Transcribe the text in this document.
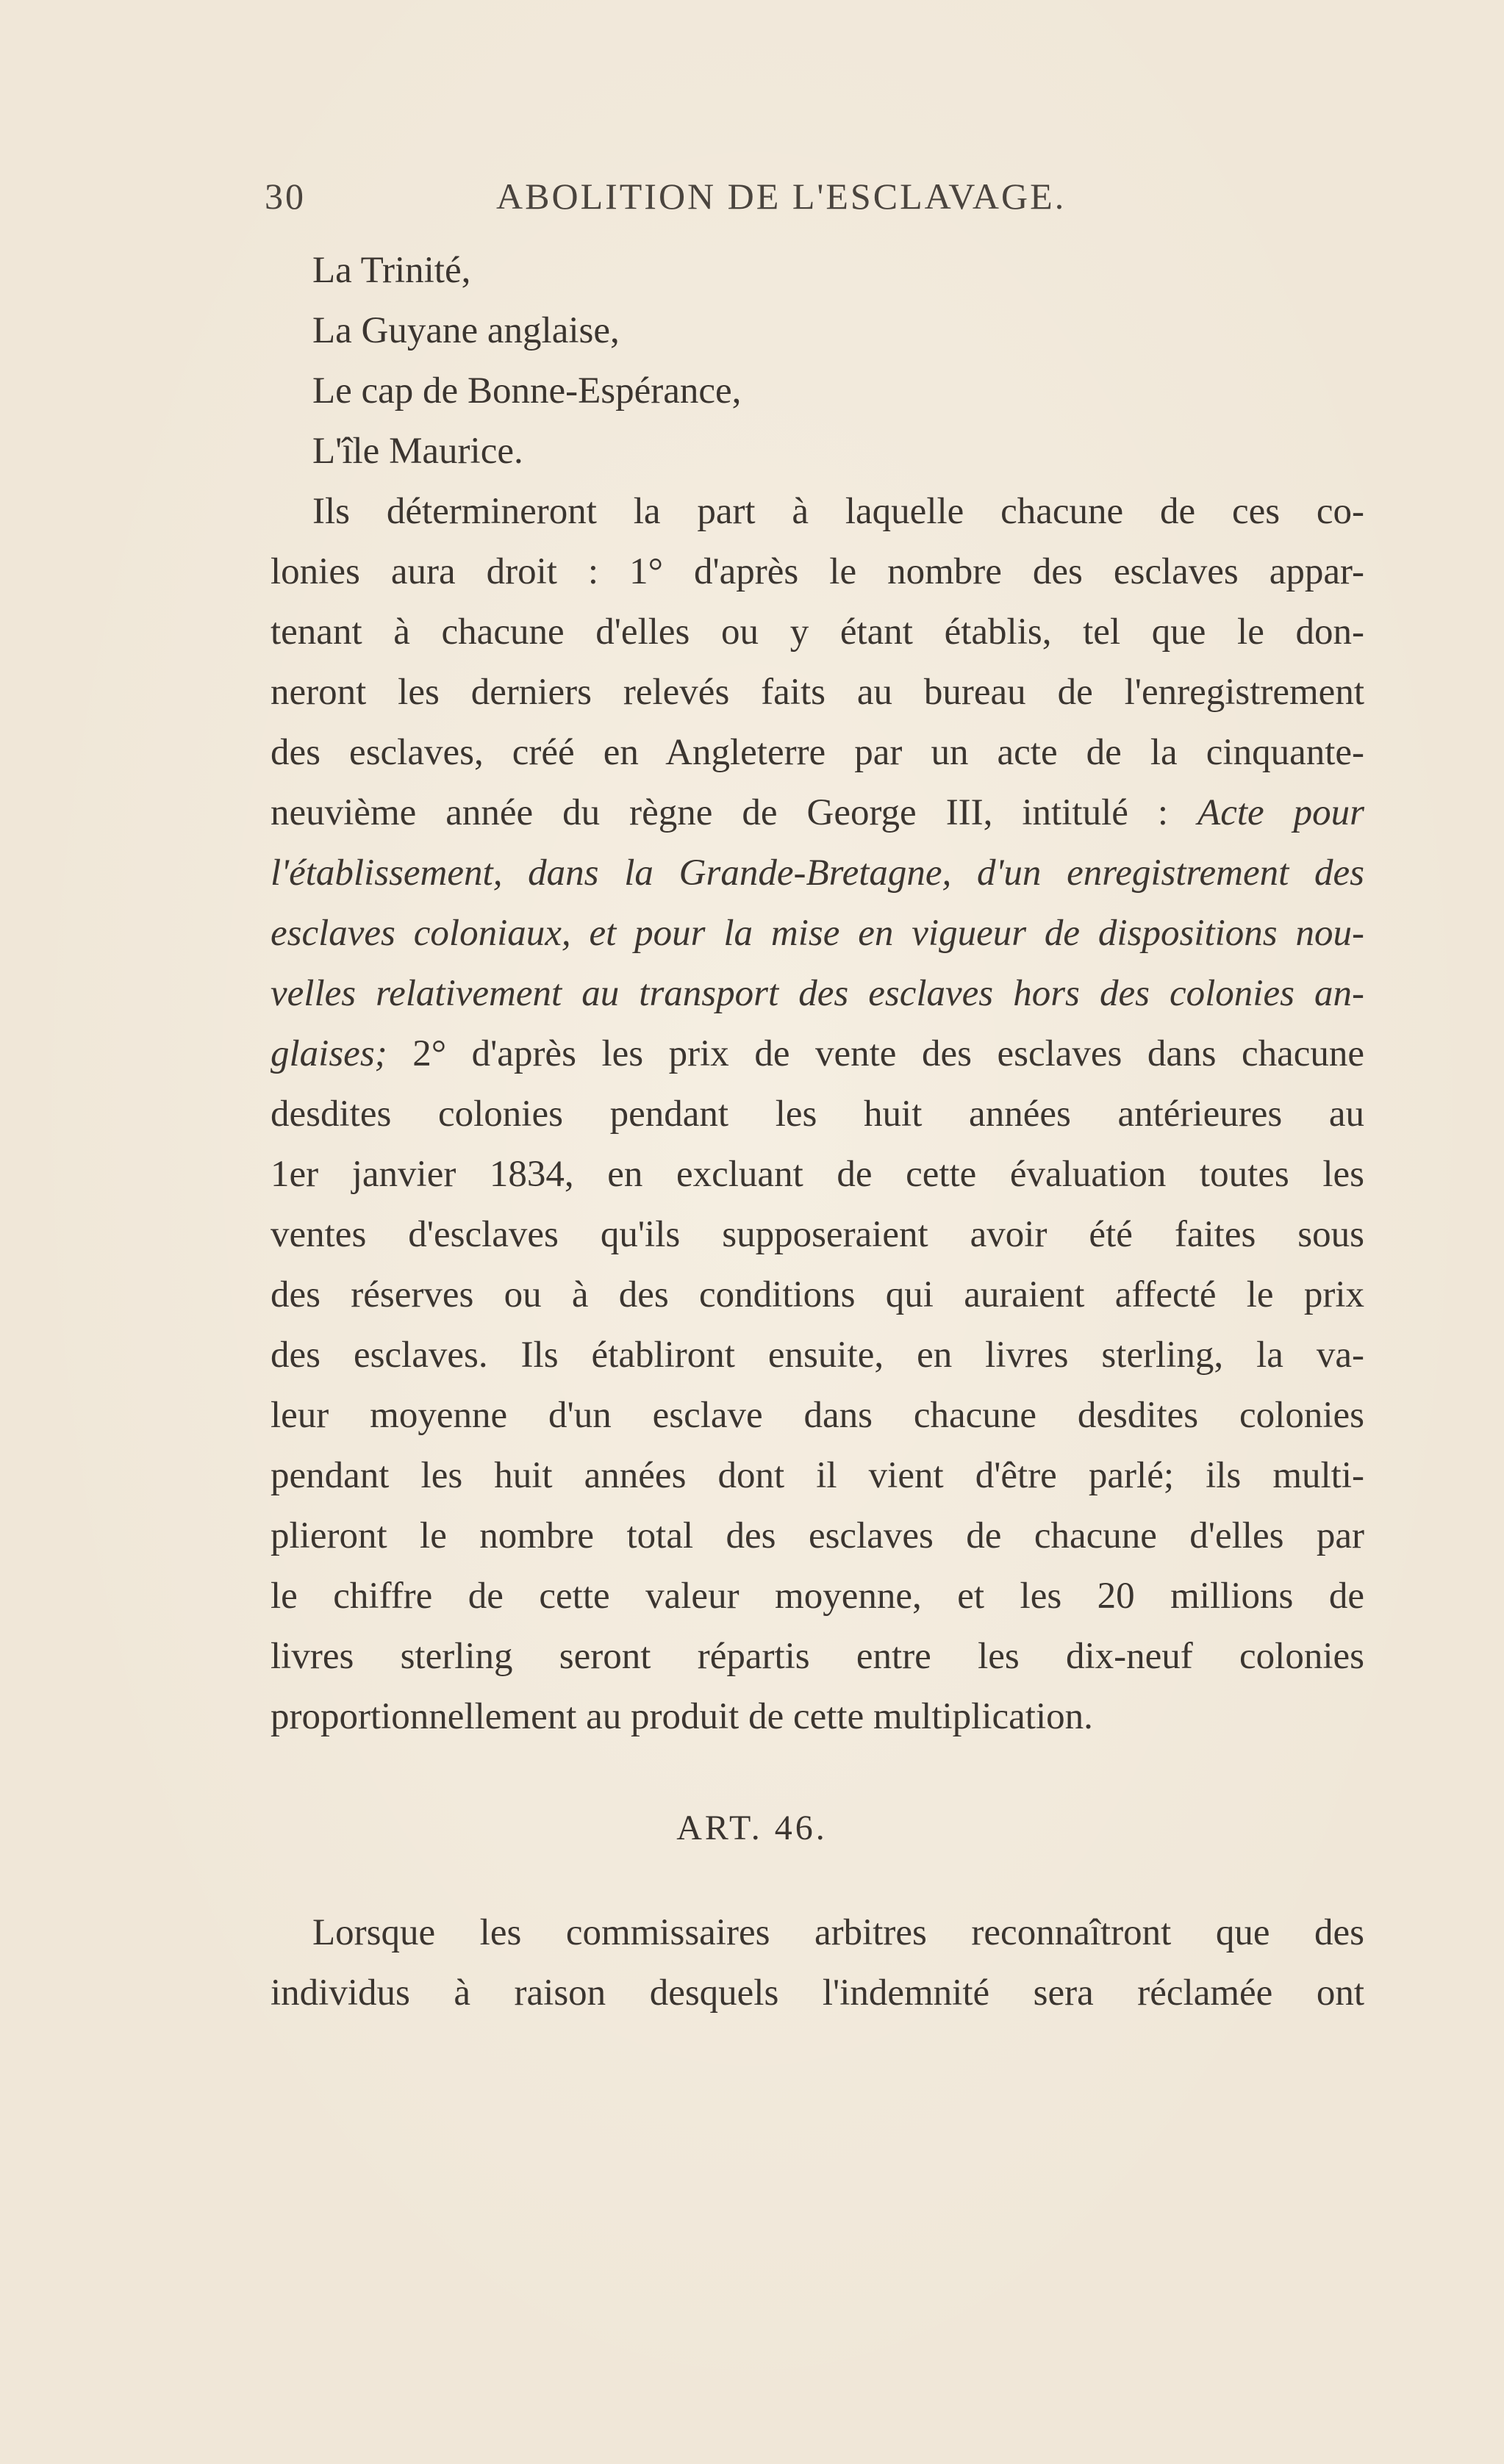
30	ABOLITION DE L'ESCLAVAGE.
La Trinité,
La Guyane anglaise,
Le cap de Bonne-Espérance,
L'île Maurice.
Ils détermineront la part à laquelle chacune de ces co-
lonies aura droit : 1° d'après le nombre des esclaves appar-
tenant à chacune d'elles ou y étant établis, tel que le don-
neront les derniers relevés faits au bureau de l'enregistrement
des esclaves, créé en Angleterre par un acte de la cinquante-
neuvième année du règne de George III, intitulé : Acte pour
l'établissement, dans la Grande-Bretagne, d'un enregistrement des
esclaves coloniaux, et pour la mise en vigueur de dispositions nou-
velles relativement au transport des esclaves hors des colonies an-
glaises; 2° d'après les prix de vente des esclaves dans chacune
desdites colonies pendant les huit années antérieures au
1er janvier 1834, en excluant de cette évaluation toutes les
ventes d'esclaves qu'ils supposeraient avoir été faites sous
des réserves ou à des conditions qui auraient affecté le prix
des esclaves. Ils établiront ensuite, en livres sterling, la va-
leur moyenne d'un esclave dans chacune desdites colonies
pendant les huit années dont il vient d'être parlé; ils multi-
plieront le nombre total des esclaves de chacune d'elles par
le chiffre de cette valeur moyenne, et les 20 millions de
livres sterling seront répartis entre les dix-neuf colonies
proportionnellement au produit de cette multiplication.
ART. 46.
Lorsque les commissaires arbitres reconnaîtront que des
individus à raison desquels l'indemnité sera réclamée ont
